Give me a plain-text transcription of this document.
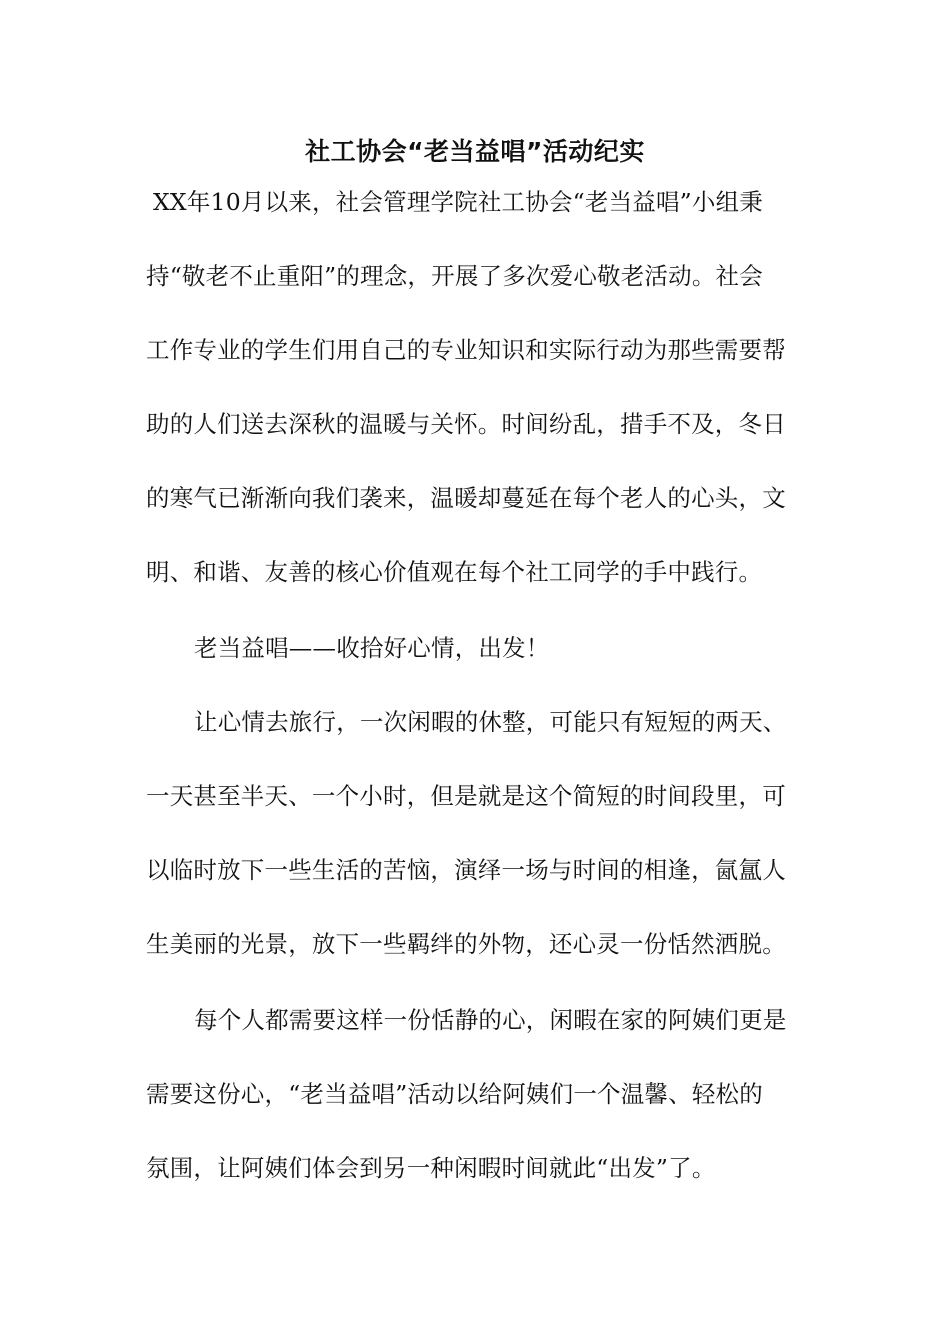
社工协会“老当益唱”活动纪实
XX年10月以来，社会管理学院社工协会“老当益唱”小组秉
持“敬老不止重阳”的理念，开展了多次爱心敬老活动。社会
工作专业的学生们用自己的专业知识和实际行动为那些需要帮
助的人们送去深秋的温暖与关怀。时间纷乱，措手不及，冬日
的寒气已渐渐向我们袭来，温暖却蔓延在每个老人的心头，文
明、和谐、友善的核心价值观在每个社工同学的手中践行。
老当益唱——收拾好心情，出发！
让心情去旅行，一次闲暇的休整，可能只有短短的两天、
一天甚至半天、一个小时，但是就是这个简短的时间段里，可
以临时放下一些生活的苦恼，演绎一场与时间的相逢，氤氲人
生美丽的光景，放下一些羁绊的外物，还心灵一份恬然洒脱。
每个人都需要这样一份恬静的心，闲暇在家的阿姨们更是
需要这份心，“老当益唱”活动以给阿姨们一个温馨、轻松的
氛围，让阿姨们体会到另一种闲暇时间就此“出发”了。
